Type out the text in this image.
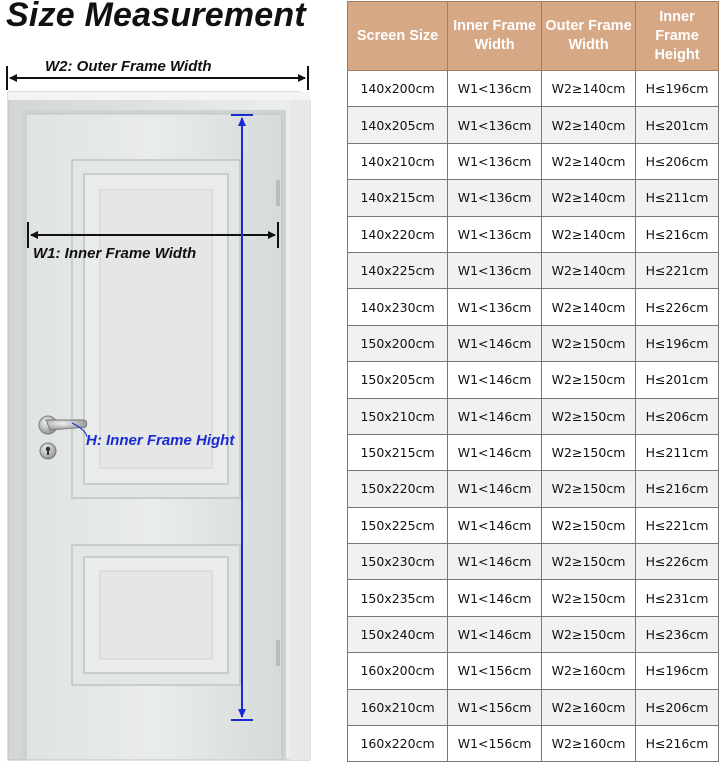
Size Measurement
W2: Outer Frame Width
W1: Inner Frame Width
H: Inner Frame Hight
Screen Size	Inner Frame Width	Outer Frame Width	Inner Frame Height
140x200cm	W1<136cm	W2≥140cm	H≤196cm
140x205cm	W1<136cm	W2≥140cm	H≤201cm
140x210cm	W1<136cm	W2≥140cm	H≤206cm
140x215cm	W1<136cm	W2≥140cm	H≤211cm
140x220cm	W1<136cm	W2≥140cm	H≤216cm
140x225cm	W1<136cm	W2≥140cm	H≤221cm
140x230cm	W1<136cm	W2≥140cm	H≤226cm
150x200cm	W1<146cm	W2≥150cm	H≤196cm
150x205cm	W1<146cm	W2≥150cm	H≤201cm
150x210cm	W1<146cm	W2≥150cm	H≤206cm
150x215cm	W1<146cm	W2≥150cm	H≤211cm
150x220cm	W1<146cm	W2≥150cm	H≤216cm
150x225cm	W1<146cm	W2≥150cm	H≤221cm
150x230cm	W1<146cm	W2≥150cm	H≤226cm
150x235cm	W1<146cm	W2≥150cm	H≤231cm
150x240cm	W1<146cm	W2≥150cm	H≤236cm
160x200cm	W1<156cm	W2≥160cm	H≤196cm
160x210cm	W1<156cm	W2≥160cm	H≤206cm
160x220cm	W1<156cm	W2≥160cm	H≤216cm
